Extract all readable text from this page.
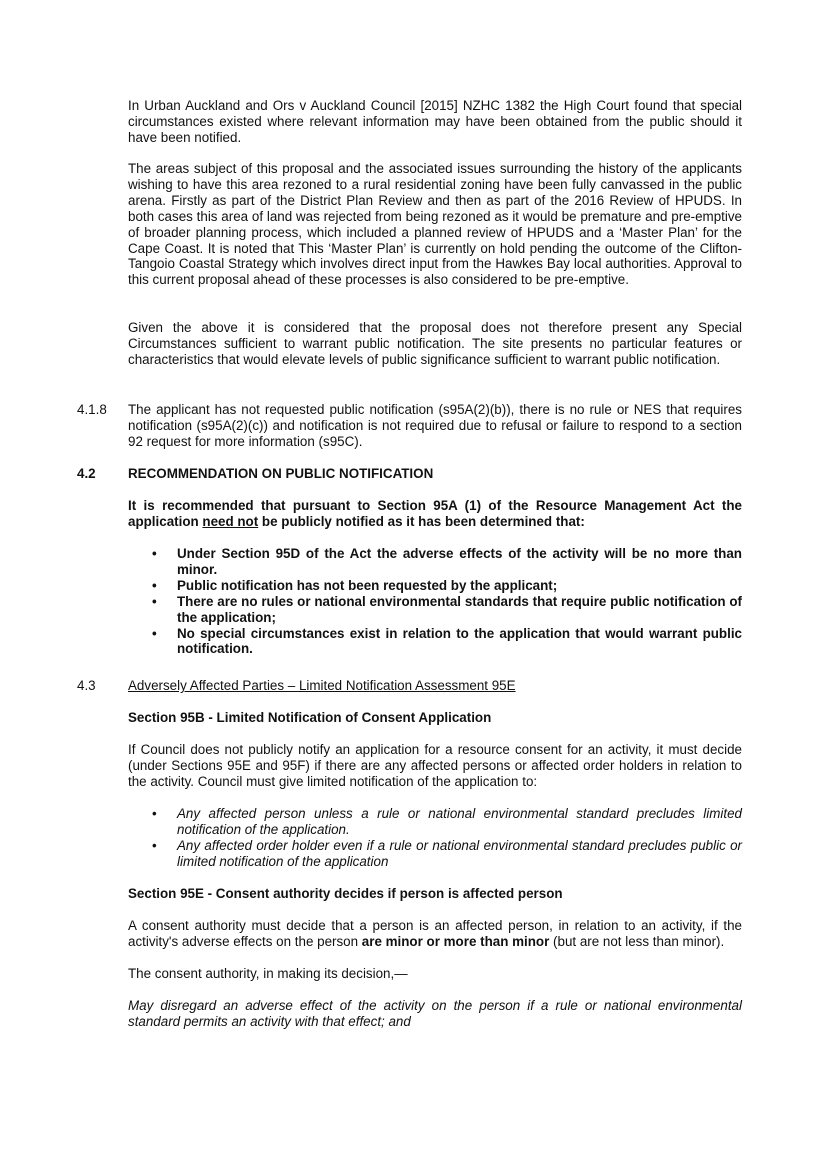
In Urban Auckland and Ors v Auckland Council [2015] NZHC 1382 the High Court found that special circumstances existed where relevant information may have been obtained from the public should it have been notified.

The areas subject of this proposal and the associated issues surrounding the history of the applicants wishing to have this area rezoned to a rural residential zoning have been fully canvassed in the public arena. Firstly as part of the District Plan Review and then as part of the 2016 Review of HPUDS. In both cases this area of land was rejected from being rezoned as it would be premature and pre-emptive of broader planning process, which included a planned review of HPUDS and a ‘Master Plan’ for the Cape Coast. It is noted that This ‘Master Plan’ is currently on hold pending the outcome of the Clifton-Tangoio Coastal Strategy which involves direct input from the Hawkes Bay local authorities. Approval to this current proposal ahead of these processes is also considered to be pre-emptive.

Given the above it is considered that the proposal does not therefore present any Special Circumstances sufficient to warrant public notification. The site presents no particular features or characteristics that would elevate levels of public significance sufficient to warrant public notification.

4.1.8 The applicant has not requested public notification (s95A(2)(b)), there is no rule or NES that requires notification (s95A(2)(c)) and notification is not required due to refusal or failure to respond to a section 92 request for more information (s95C).

4.2 RECOMMENDATION ON PUBLIC NOTIFICATION

It is recommended that pursuant to Section 95A (1) of the Resource Management Act the application need not be publicly notified as it has been determined that:

• Under Section 95D of the Act the adverse effects of the activity will be no more than minor.
• Public notification has not been requested by the applicant;
• There are no rules or national environmental standards that require public notification of the application;
• No special circumstances exist in relation to the application that would warrant public notification.
4.3 Adversely Affected Parties – Limited Notification Assessment 95E

Section 95B - Limited Notification of Consent Application

If Council does not publicly notify an application for a resource consent for an activity, it must decide (under Sections 95E and 95F) if there are any affected persons or affected order holders in relation to the activity. Council must give limited notification of the application to:

• Any affected person unless a rule or national environmental standard precludes limited notification of the application.
• Any affected order holder even if a rule or national environmental standard precludes public or limited notification of the application

Section 95E - Consent authority decides if person is affected person

A consent authority must decide that a person is an affected person, in relation to an activity, if the activity's adverse effects on the person are minor or more than minor (but are not less than minor).

The consent authority, in making its decision,—

May disregard an adverse effect of the activity on the person if a rule or national environmental standard permits an activity with that effect; and
